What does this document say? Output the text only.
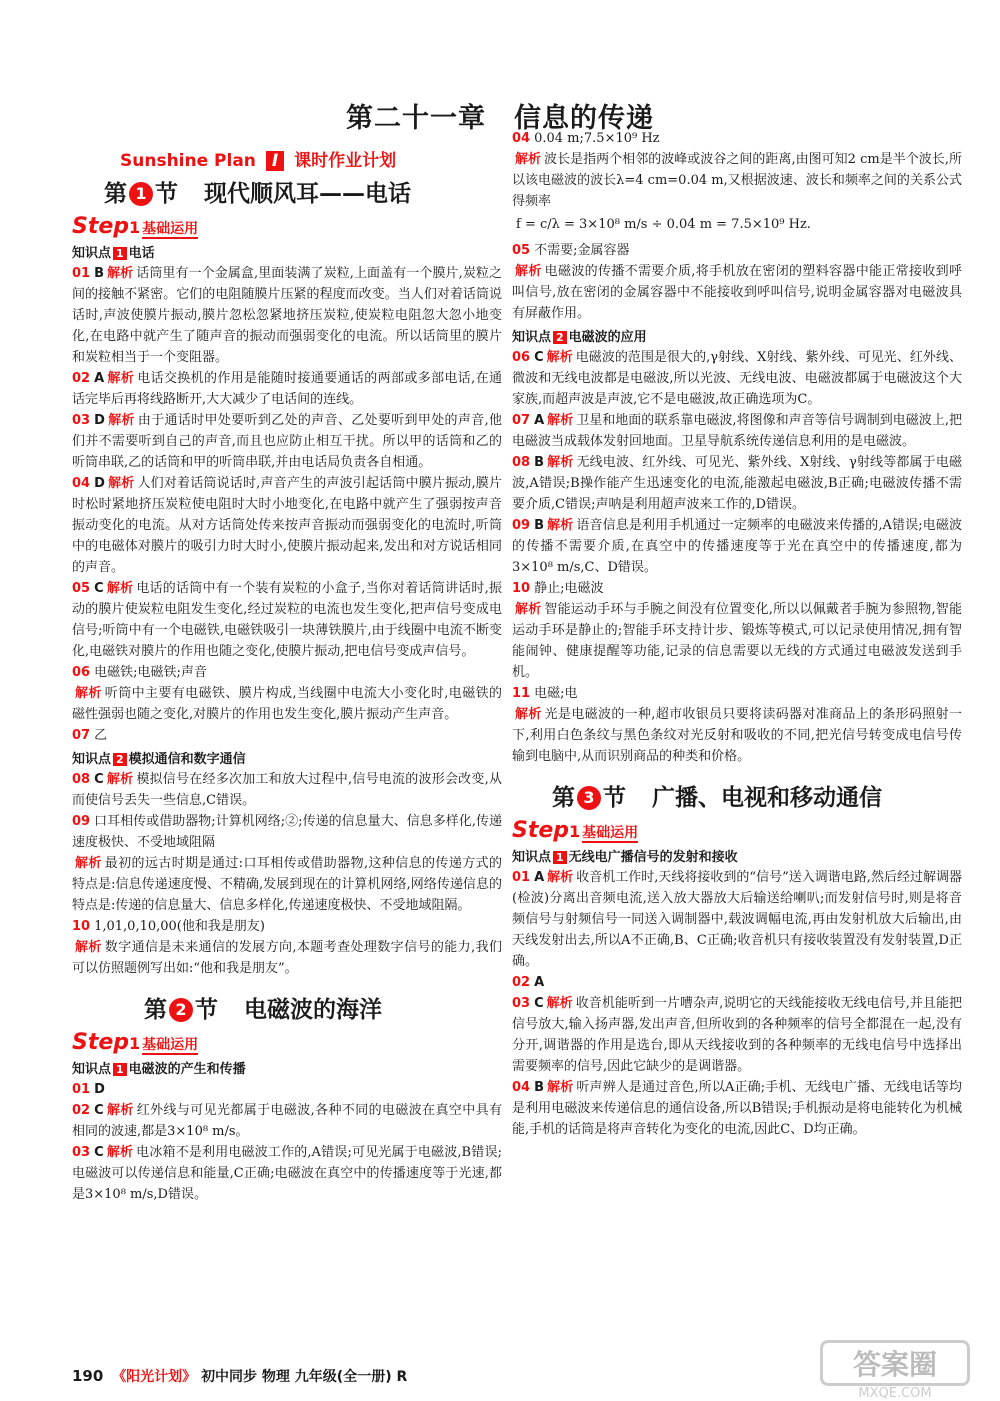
第二十一章　信息的传递
Sunshine Plan I 课时作业计划
第 1 节 现代顺风耳——电话
Step1 基础运用
知识点 1 电话
01 B 解析 话筒里有一个金属盒,里面装满了炭粒,上面盖有一个膜片,炭粒之间的接触不紧密。它们的电阻随膜片压紧的程度而改变。当人们对着话筒说话时,声波使膜片振动,膜片忽松忽紧地挤压炭粒,使炭粒电阻忽大忽小地变化,在电路中就产生了随声音的振动而强弱变化的电流。所以话筒里的膜片和炭粒相当于一个变阻器。
02 A 解析 电话交换机的作用是能随时接通要通话的两部或多部电话,在通话完毕后再将线路断开,大大减少了电话间的连线。
03 D 解析 由于通话时甲处要听到乙处的声音、乙处要听到甲处的声音,他们并不需要听到自己的声音,而且也应防止相互干扰。所以甲的话筒和乙的听筒串联,乙的话筒和甲的听筒串联,并由电话局负责各自相通。
04 D 解析 人们对着话筒说话时,声音产生的声波引起话筒中膜片振动,膜片时松时紧地挤压炭粒使电阻时大时小地变化,在电路中就产生了强弱按声音振动变化的电流。从对方话筒处传来按声音振动而强弱变化的电流时,听筒中的电磁体对膜片的吸引力时大时小,使膜片振动起来,发出和对方说话相同的声音。
05 C 解析 电话的话筒中有一个装有炭粒的小盒子,当你对着话筒讲话时,振动的膜片使炭粒电阻发生变化,经过炭粒的电流也发生变化,把声信号变成电信号;听筒中有一个电磁铁,电磁铁吸引一块薄铁膜片,由于线圈中电流不断变化,电磁铁对膜片的作用也随之变化,使膜片振动,把电信号变成声信号。
06 电磁铁;电磁铁;声音
解析 听筒中主要有电磁铁、膜片构成,当线圈中电流大小变化时,电磁铁的磁性强弱也随之变化,对膜片的作用也发生变化,膜片振动产生声音。
07 乙
知识点 2 模拟通信和数字通信
08 C 解析 模拟信号在经多次加工和放大过程中,信号电流的波形会改变,从而使信号丢失一些信息,C错误。
09 口耳相传或借助器物;计算机网络;②;传递的信息量大、信息多样化,传递速度极快、不受地域阻隔
解析 最初的远古时期是通过:口耳相传或借助器物,这种信息的传递方式的特点是:信息传递速度慢、不精确,发展到现在的计算机网络,网络传递信息的特点是:传递的信息量大、信息多样化,传递速度极快、不受地域阻隔。
10 1,01,0,10,00(他和我是朋友)
解析 数字通信是未来通信的发展方向,本题考查处理数字信号的能力,我们可以仿照题例写出如:“他和我是朋友”。
第 2 节 电磁波的海洋
Step1 基础运用
知识点 1 电磁波的产生和传播
01 D
02 C 解析 红外线与可见光都属于电磁波,各种不同的电磁波在真空中具有相同的波速,都是3×10⁸ m/s。
03 C 解析 电冰箱不是利用电磁波工作的,A错误;可见光属于电磁波,B错误;电磁波可以传递信息和能量,C正确;电磁波在真空中的传播速度等于光速,都是3×10⁸ m/s,D错误。
04 0.04 m;7.5×10⁹ Hz
解析 波长是指两个相邻的波峰或波谷之间的距离,由图可知2 cm是半个波长,所以该电磁波的波长λ=4 cm=0.04 m,又根据波速、波长和频率之间的关系公式得频率
f = c/λ = 3×10⁸ m/s ÷ 0.04 m = 7.5×10⁹ Hz.
05 不需要;金属容器
解析 电磁波的传播不需要介质,将手机放在密闭的塑料容器中能正常接收到呼叫信号,放在密闭的金属容器中不能接收到呼叫信号,说明金属容器对电磁波具有屏蔽作用。
知识点 2 电磁波的应用
06 C 解析 电磁波的范围是很大的,γ射线、X射线、紫外线、可见光、红外线、微波和无线电波都是电磁波,所以光波、无线电波、电磁波都属于电磁波这个大家族,而超声波是声波,它不是电磁波,故正确选项为C。
07 A 解析 卫星和地面的联系靠电磁波,将图像和声音等信号调制到电磁波上,把电磁波当成载体发射回地面。卫星导航系统传递信息利用的是电磁波。
08 B 解析 无线电波、红外线、可见光、紫外线、X射线、γ射线等都属于电磁波,A错误;B操作能产生迅速变化的电流,能激起电磁波,B正确;电磁波传播不需要介质,C错误;声呐是利用超声波来工作的,D错误。
09 B 解析 语音信息是利用手机通过一定频率的电磁波来传播的,A错误;电磁波的传播不需要介质,在真空中的传播速度等于光在真空中的传播速度,都为3×10⁸ m/s,C、D错误。
10 静止;电磁波
解析 智能运动手环与手腕之间没有位置变化,所以以佩戴者手腕为参照物,智能运动手环是静止的;智能手环支持计步、锻炼等模式,可以记录使用情况,拥有智能闹钟、健康提醒等功能,记录的信息需要以无线的方式通过电磁波发送到手机。
11 电磁;电
解析 光是电磁波的一种,超市收银员只要将读码器对准商品上的条形码照射一下,利用白色条纹与黑色条纹对光反射和吸收的不同,把光信号转变成电信号传输到电脑中,从而识别商品的种类和价格。
第 3 节 广播、电视和移动通信
Step1 基础运用
知识点 1 无线电广播信号的发射和接收
01 A 解析 收音机工作时,天线将接收到的“信号”送入调谐电路,然后经过解调器(检波)分离出音频电流,送入放大器放大后输送给喇叭;而发射信号时,则是将音频信号与射频信号一同送入调制器中,载波调幅电流,再由发射机放大后输出,由天线发射出去,所以A不正确,B、C正确;收音机只有接收装置没有发射装置,D正确。
02 A
03 C 解析 收音机能听到一片嘈杂声,说明它的天线能接收无线电信号,并且能把信号放大,输入扬声器,发出声音,但所收到的各种频率的信号全都混在一起,没有分开,调谐器的作用是选台,即从天线接收到的各种频率的无线电信号中选择出需要频率的信号,因此它缺少的是调谐器。
04 B 解析 听声辨人是通过音色,所以A正确;手机、无线电广播、无线电话等均是利用电磁波来传递信息的通信设备,所以B错误;手机振动是将电能转化为机械能,手机的话筒是将声音转化为变化的电流,因此C、D均正确。
190 《阳光计划》 初中同步 物理 九年级(全一册) R	答案圈
MXQE.COM
